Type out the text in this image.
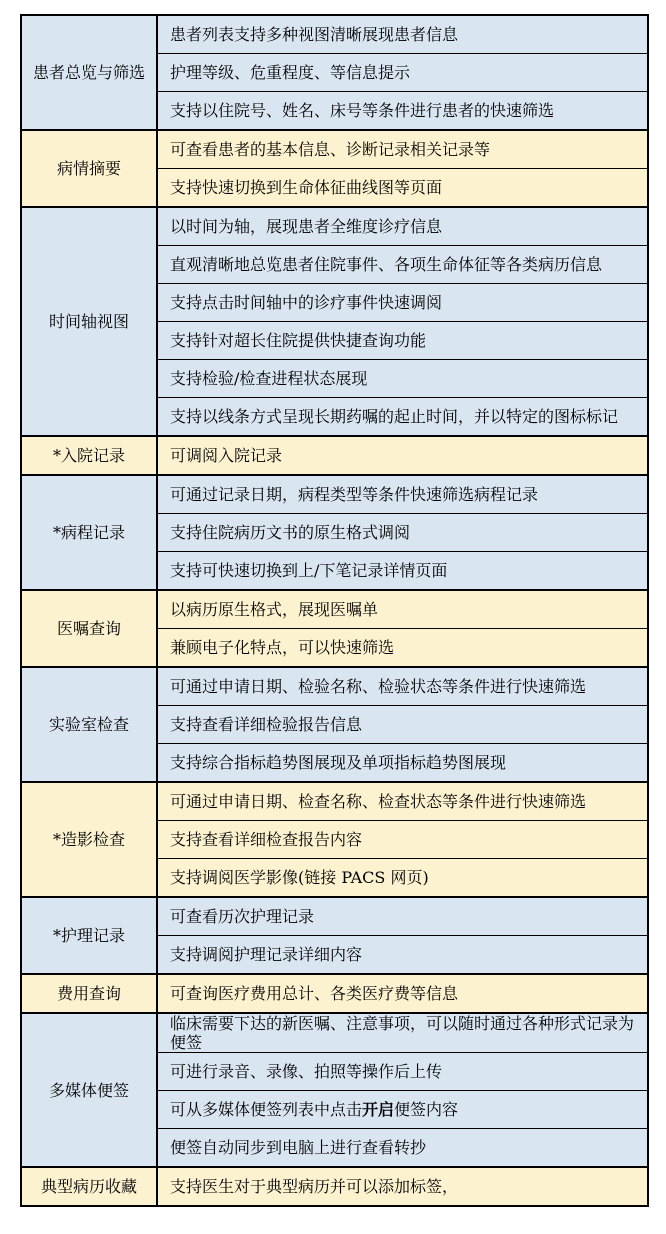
患者总览与筛选	患者列表支持多种视图清晰展现患者信息
	护理等级、危重程度、等信息提示
	支持以住院号、姓名、床号等条件进行患者的快速筛选
病情摘要	可查看患者的基本信息、诊断记录相关记录等
	支持快速切换到生命体征曲线图等页面
时间轴视图	以时间为轴，展现患者全维度诊疗信息
	直观清晰地总览患者住院事件、各项生命体征等各类病历信息
	支持点击时间轴中的诊疗事件快速调阅
	支持针对超长住院提供快捷查询功能
	支持检验/检查进程状态展现
	支持以线条方式呈现长期药嘱的起止时间，并以特定的图标标记
*入院记录	可调阅入院记录
*病程记录	可通过记录日期，病程类型等条件快速筛选病程记录
	支持住院病历文书的原生格式调阅
	支持可快速切换到上/下笔记录详情页面
医嘱查询	以病历原生格式，展现医嘱单
	兼顾电子化特点，可以快速筛选
实验室检查	可通过申请日期、检验名称、检验状态等条件进行快速筛选
	支持查看详细检验报告信息
	支持综合指标趋势图展现及单项指标趋势图展现
*造影检查	可通过申请日期、检查名称、检查状态等条件进行快速筛选
	支持查看详细检查报告内容
	支持调阅医学影像(链接 PACS 网页)
*护理记录	可查看历次护理记录
	支持调阅护理记录详细内容
费用查询	可查询医疗费用总计、各类医疗费等信息
多媒体便签	临床需要下达的新医嘱、注意事项，可以随时通过各种形式记录为便签
	可进行录音、录像、拍照等操作后上传
	可从多媒体便签列表中点击开启便签内容
	便签自动同步到电脑上进行查看转抄
典型病历收藏	支持医生对于典型病历并可以添加标签，
